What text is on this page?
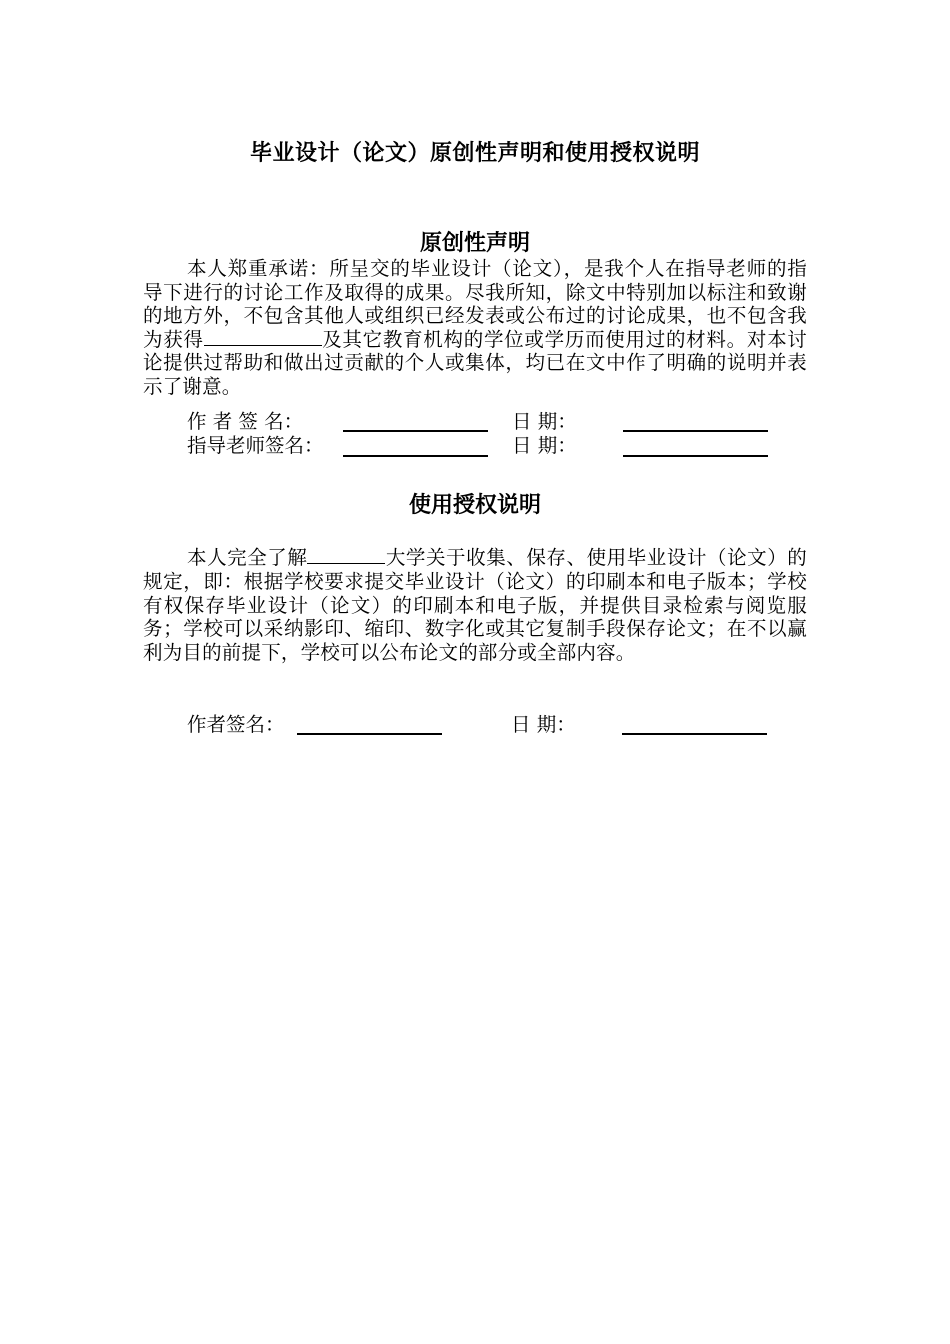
毕业设计（论文）原创性声明和使用授权说明
原创性声明
本人郑重承诺：所呈交的毕业设计（论文），是我个人在指导老师的指导下进行的讨论工作及取得的成果。尽我所知，除文中特别加以标注和致谢的地方外，不包含其他人或组织已经发表或公布过的讨论成果，也不包含我为获得	及其它教育机构的学位或学历而使用过的材料。对本讨论提供过帮助和做出过贡献的个人或集体，均已在文中作了明确的说明并表示了谢意。
作 者 签 名：	日 期：
指导老师签名：	日 期：
使用授权说明
本人完全了解	大学关于收集、保存、使用毕业设计（论文）的规定，即：根据学校要求提交毕业设计（论文）的印刷本和电子版本；学校有权保存毕业设计（论文）的印刷本和电子版，并提供目录检索与阅览服务；学校可以采纳影印、缩印、数字化或其它复制手段保存论文；在不以赢利为目的前提下，学校可以公布论文的部分或全部内容。
作者签名：	日 期：
